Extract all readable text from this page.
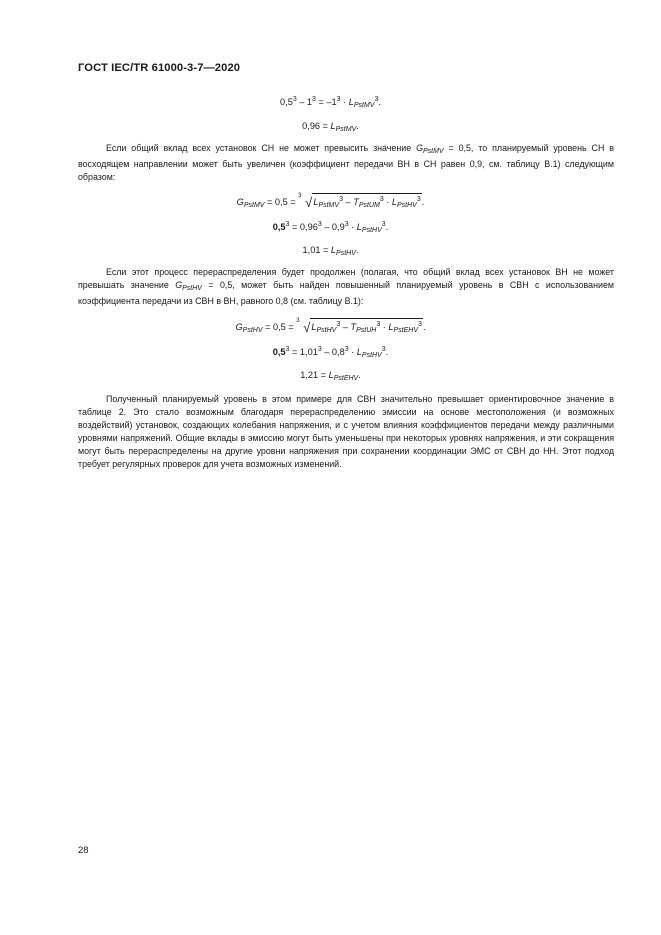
ГОСТ IEC/TR 61000-3-7—2020
$0,5^3 - 1^3 = -1^3 \cdot L_{PstMV}^3$.
$0,96 = L_{PstMV}$.
Если общий вклад всех установок СН не может превысить значение $G_{PstMV} = 0,5$, то планируемый уровень СН в восходящем направлении может быть увеличен (коэффициент передачи ВН в СН равен 0,9, см. таблицу В.1) следующим образом:
$G_{PstMV} = 0,5$ =
3 $√L_{PstMV}^3 - T_{PstUM}^3 \cdot L_{PstHV}^3$.
$0,5^3 = 0,96^3 - 0,9^3 \cdot L_{PstHV}^3$.
$1,01 = L_{PstHV}$.
Если этот процесс перераспределения будет продолжен (полагая, что общий вклад всех установок ВН не может превышать значение $G_{PstHV} = 0,5$, может быть найден повышенный планируемый уровень в СВН с использованием коэффициента передачи из СВН в ВН, равного 0,8 (см. таблицу В.1):
$G_{PstHV} = 0,5$ =
3 $√L_{PstHV}^3 - T_{PstUH}^3 \cdot L_{PstEHV}^3$.
$0,5^3 = 1,01^3 - 0,8^3 \cdot L_{PstHV}^3$.
$1,21 = L_{PstEHV}$.
Полученный планируемый уровень в этом примере для СВН значительно превышает ориентировочное значение в таблице 2. Это стало возможным благодаря перераспределению эмиссии на основе местоположения (и возможных воздействий) установок, создающих колебания напряжения, и с учетом влияния коэффициентов передачи между различными уровнями напряжений. Общие вклады в эмиссию могут быть уменьшены при некоторых уровнях напряжения, и эти сокращения могут быть перераспределены на другие уровни напряжения при сохранении координации ЭМС от СВН до НН. Этот подход требует регулярных проверок для учета возможных изменений.
28
